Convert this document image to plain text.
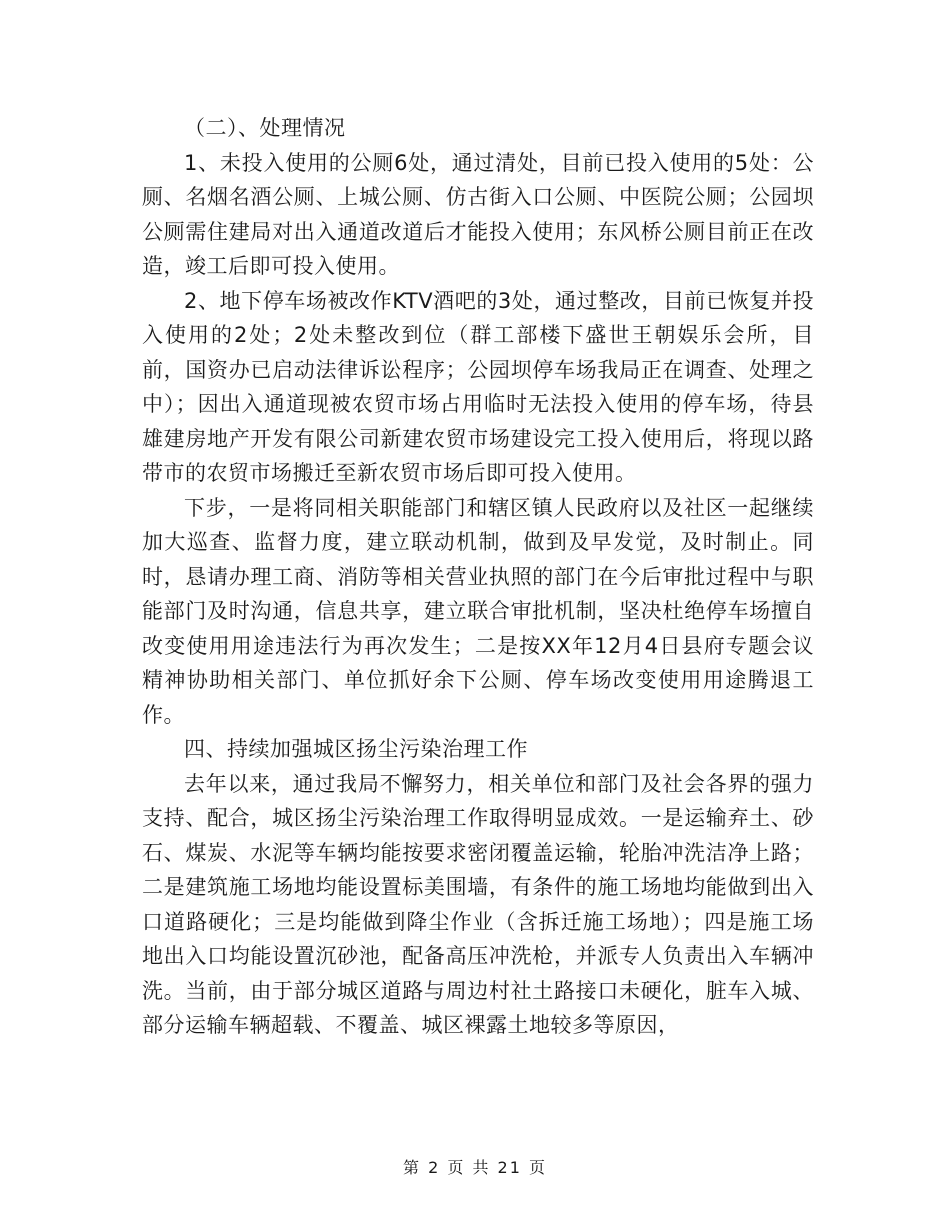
（二）、处理情况

1、未投入使用的公厕6处，通过清处，目前已投入使用的5处：公厕、名烟名酒公厕、上城公厕、仿古街入口公厕、中医院公厕；公园坝公厕需住建局对出入通道改道后才能投入使用；东风桥公厕目前正在改造，竣工后即可投入使用。

2、地下停车场被改作KTV酒吧的3处，通过整改，目前已恢复并投入使用的2处；2处未整改到位（群工部楼下盛世王朝娱乐会所，目前，国资办已启动法律诉讼程序；公园坝停车场我局正在调查、处理之中）；因出入通道现被农贸市场占用临时无法投入使用的停车场，待县雄建房地产开发有限公司新建农贸市场建设完工投入使用后，将现以路带市的农贸市场搬迁至新农贸市场后即可投入使用。

下步，一是将同相关职能部门和辖区镇人民政府以及社区一起继续加大巡查、监督力度，建立联动机制，做到及早发觉，及时制止。同时，恳请办理工商、消防等相关营业执照的部门在今后审批过程中与职能部门及时沟通，信息共享，建立联合审批机制，坚决杜绝停车场擅自改变使用用途违法行为再次发生；二是按XX年12月4日县府专题会议精神协助相关部门、单位抓好余下公厕、停车场改变使用用途腾退工作。

四、持续加强城区扬尘污染治理工作

去年以来，通过我局不懈努力，相关单位和部门及社会各界的强力支持、配合，城区扬尘污染治理工作取得明显成效。一是运输弃土、砂石、煤炭、水泥等车辆均能按要求密闭覆盖运输，轮胎冲洗洁净上路；二是建筑施工场地均能设置标美围墙，有条件的施工场地均能做到出入口道路硬化；三是均能做到降尘作业（含拆迁施工场地）；四是施工场地出入口均能设置沉砂池，配备高压冲洗枪，并派专人负责出入车辆冲洗。当前，由于部分城区道路与周边村社土路接口未硬化，脏车入城、部分运输车辆超载、不覆盖、城区裸露土地较多等原因，

第 2 页 共 21 页
